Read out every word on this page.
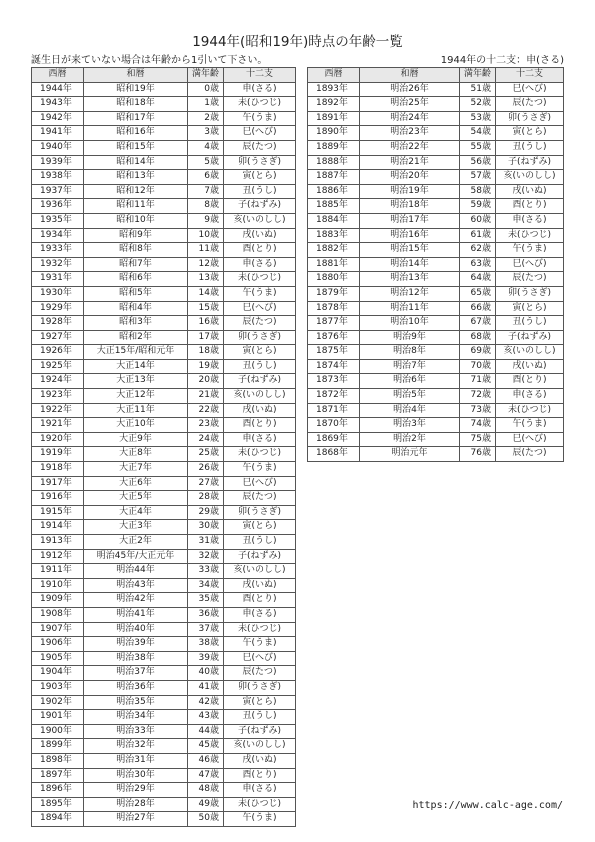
1944年(昭和19年)時点の年齢一覧
誕生日が来ていない場合は年齢から1引いて下さい。	1944年の十二支：申(さる)
西暦	和暦	満年齢	十二支
1944年	昭和19年	0歳	申(さる)
1943年	昭和18年	1歳	未(ひつじ)
1942年	昭和17年	2歳	午(うま)
1941年	昭和16年	3歳	巳(へび)
1940年	昭和15年	4歳	辰(たつ)
1939年	昭和14年	5歳	卯(うさぎ)
1938年	昭和13年	6歳	寅(とら)
1937年	昭和12年	7歳	丑(うし)
1936年	昭和11年	8歳	子(ねずみ)
1935年	昭和10年	9歳	亥(いのしし)
1934年	昭和9年	10歳	戌(いぬ)
1933年	昭和8年	11歳	酉(とり)
1932年	昭和7年	12歳	申(さる)
1931年	昭和6年	13歳	未(ひつじ)
1930年	昭和5年	14歳	午(うま)
1929年	昭和4年	15歳	巳(へび)
1928年	昭和3年	16歳	辰(たつ)
1927年	昭和2年	17歳	卯(うさぎ)
1926年	大正15年/昭和元年	18歳	寅(とら)
1925年	大正14年	19歳	丑(うし)
1924年	大正13年	20歳	子(ねずみ)
1923年	大正12年	21歳	亥(いのしし)
1922年	大正11年	22歳	戌(いぬ)
1921年	大正10年	23歳	酉(とり)
1920年	大正9年	24歳	申(さる)
1919年	大正8年	25歳	未(ひつじ)
1918年	大正7年	26歳	午(うま)
1917年	大正6年	27歳	巳(へび)
1916年	大正5年	28歳	辰(たつ)
1915年	大正4年	29歳	卯(うさぎ)
1914年	大正3年	30歳	寅(とら)
1913年	大正2年	31歳	丑(うし)
1912年	明治45年/大正元年	32歳	子(ねずみ)
1911年	明治44年	33歳	亥(いのしし)
1910年	明治43年	34歳	戌(いぬ)
1909年	明治42年	35歳	酉(とり)
1908年	明治41年	36歳	申(さる)
1907年	明治40年	37歳	未(ひつじ)
1906年	明治39年	38歳	午(うま)
1905年	明治38年	39歳	巳(へび)
1904年	明治37年	40歳	辰(たつ)
1903年	明治36年	41歳	卯(うさぎ)
1902年	明治35年	42歳	寅(とら)
1901年	明治34年	43歳	丑(うし)
1900年	明治33年	44歳	子(ねずみ)
1899年	明治32年	45歳	亥(いのしし)
1898年	明治31年	46歳	戌(いぬ)
1897年	明治30年	47歳	酉(とり)
1896年	明治29年	48歳	申(さる)
1895年	明治28年	49歳	未(ひつじ)
1894年	明治27年	50歳	午(うま)
西暦	和暦	満年齢	十二支
1893年	明治26年	51歳	巳(へび)
1892年	明治25年	52歳	辰(たつ)
1891年	明治24年	53歳	卯(うさぎ)
1890年	明治23年	54歳	寅(とら)
1889年	明治22年	55歳	丑(うし)
1888年	明治21年	56歳	子(ねずみ)
1887年	明治20年	57歳	亥(いのしし)
1886年	明治19年	58歳	戌(いぬ)
1885年	明治18年	59歳	酉(とり)
1884年	明治17年	60歳	申(さる)
1883年	明治16年	61歳	未(ひつじ)
1882年	明治15年	62歳	午(うま)
1881年	明治14年	63歳	巳(へび)
1880年	明治13年	64歳	辰(たつ)
1879年	明治12年	65歳	卯(うさぎ)
1878年	明治11年	66歳	寅(とら)
1877年	明治10年	67歳	丑(うし)
1876年	明治9年	68歳	子(ねずみ)
1875年	明治8年	69歳	亥(いのしし)
1874年	明治7年	70歳	戌(いぬ)
1873年	明治6年	71歳	酉(とり)
1872年	明治5年	72歳	申(さる)
1871年	明治4年	73歳	未(ひつじ)
1870年	明治3年	74歳	午(うま)
1869年	明治2年	75歳	巳(へび)
1868年	明治元年	76歳	辰(たつ)
https://www.calc-age.com/
